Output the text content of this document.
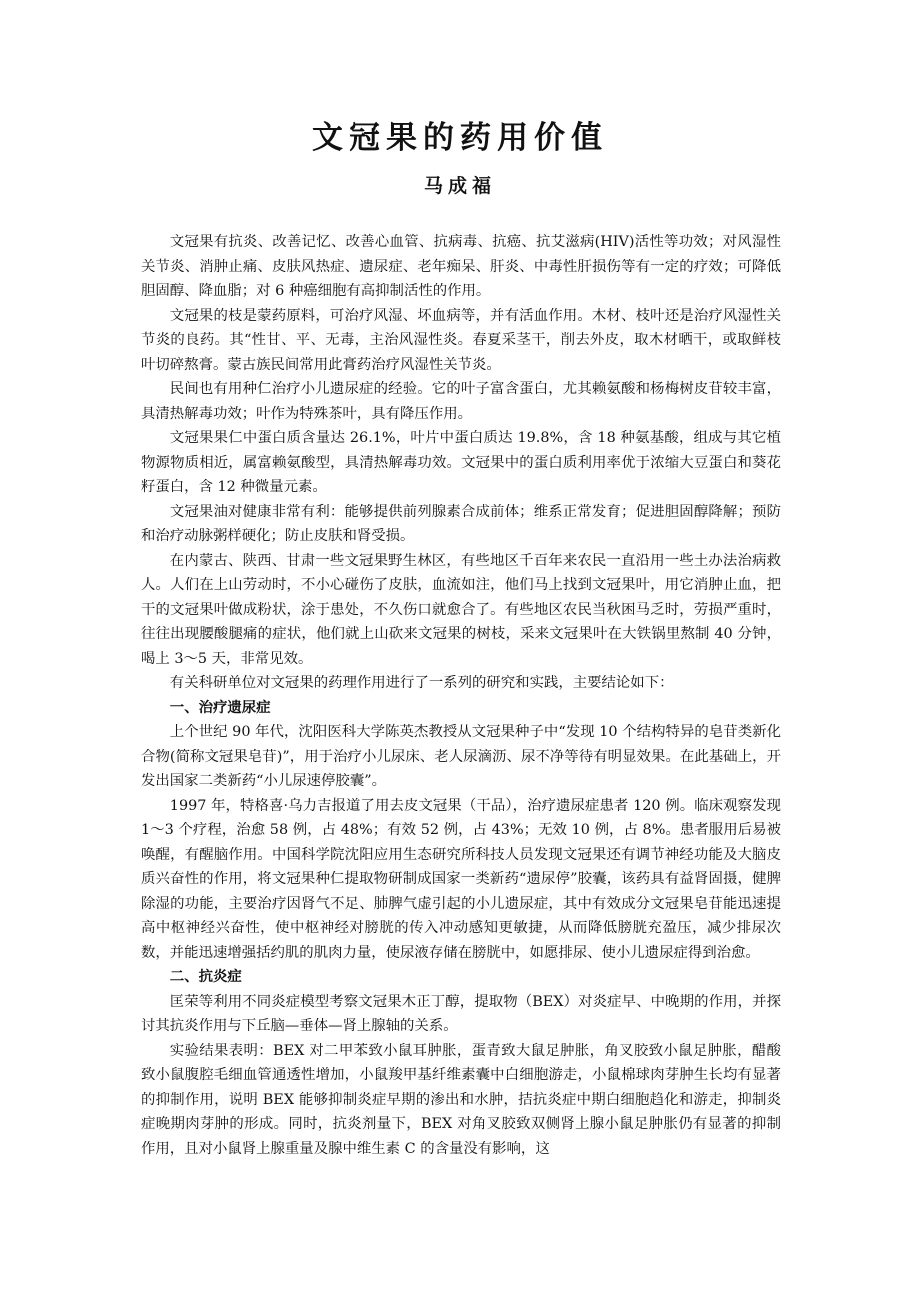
文冠果的药用价值
马成福

文冠果有抗炎、改善记忆、改善心血管、抗病毒、抗癌、抗艾滋病(HIV)活性等功效；对风湿性关节炎、消肿止痛、皮肤风热症、遗尿症、老年痴呆、肝炎、中毒性肝损伤等有一定的疗效；可降低胆固醇、降血脂；对 6 种癌细胞有高抑制活性的作用。

文冠果的枝是蒙药原料，可治疗风湿、坏血病等，并有活血作用。木材、枝叶还是治疗风湿性关节炎的良药。其“性甘、平、无毒，主治风湿性炎。春夏采茎干，削去外皮，取木材晒干，或取鲜枝叶切碎熬膏。蒙古族民间常用此膏药治疗风湿性关节炎。

民间也有用种仁治疗小儿遗尿症的经验。它的叶子富含蛋白，尤其赖氨酸和杨梅树皮苷较丰富，具清热解毒功效；叶作为特殊茶叶，具有降压作用。

文冠果果仁中蛋白质含量达 26.1%，叶片中蛋白质达 19.8%，含 18 种氨基酸，组成与其它植物源物质相近，属富赖氨酸型，具清热解毒功效。文冠果中的蛋白质利用率优于浓缩大豆蛋白和葵花籽蛋白，含 12 种微量元素。

文冠果油对健康非常有利：能够提供前列腺素合成前体；维系正常发育；促进胆固醇降解；预防和治疗动脉粥样硬化；防止皮肤和肾受损。

在内蒙古、陕西、甘肃一些文冠果野生林区，有些地区千百年来农民一直沿用一些土办法治病救人。人们在上山劳动时，不小心碰伤了皮肤，血流如注，他们马上找到文冠果叶，用它消肿止血，把干的文冠果叶做成粉状，涂于患处，不久伤口就愈合了。有些地区农民当秋困马乏时，劳损严重时，往往出现腰酸腿痛的症状，他们就上山砍来文冠果的树枝，采来文冠果叶在大铁锅里熬制 40 分钟，喝上 3～5 天，非常见效。

有关科研单位对文冠果的药理作用进行了一系列的研究和实践，主要结论如下：

一、治疗遗尿症

上个世纪 90 年代，沈阳医科大学陈英杰教授从文冠果种子中“发现 10 个结构特异的皂苷类新化合物(简称文冠果皂苷)”，用于治疗小儿尿床、老人尿滴沥、尿不净等待有明显效果。在此基础上，开发出国家二类新药“小儿尿速停胶囊”。

1997 年，特格喜·乌力吉报道了用去皮文冠果（干品），治疗遗尿症患者 120 例。临床观察发现 1～3 个疗程，治愈 58 例，占 48%；有效 52 例，占 43%；无效 10 例，占 8%。患者服用后易被唤醒，有醒脑作用。中国科学院沈阳应用生态研究所科技人员发现文冠果还有调节神经功能及大脑皮质兴奋性的作用，将文冠果种仁提取物研制成国家一类新药“遗尿停”胶囊，该药具有益肾固摄，健脾除湿的功能，主要治疗因肾气不足、肺脾气虚引起的小儿遗尿症，其中有效成分文冠果皂苷能迅速提高中枢神经兴奋性，使中枢神经对膀胱的传入冲动感知更敏捷，从而降低膀胱充盈压，减少排尿次数，并能迅速增强括约肌的肌肉力量，使尿液存储在膀胱中，如愿排尿、使小儿遗尿症得到治愈。

二、抗炎症

匡荣等利用不同炎症模型考察文冠果木正丁醇，提取物（BEX）对炎症早、中晚期的作用，并探讨其抗炎作用与下丘脑—垂体—肾上腺轴的关系。

实验结果表明：BEX 对二甲苯致小鼠耳肿胀，蛋青致大鼠足肿胀，角叉胶致小鼠足肿胀，醋酸致小鼠腹腔毛细血管通透性增加，小鼠羧甲基纤维素囊中白细胞游走，小鼠棉球肉芽肿生长均有显著的抑制作用，说明 BEX 能够抑制炎症早期的渗出和水肿，拮抗炎症中期白细胞趋化和游走，抑制炎症晚期肉芽肿的形成。同时，抗炎剂量下，BEX 对角叉胶致双侧肾上腺小鼠足肿胀仍有显著的抑制作用，且对小鼠肾上腺重量及腺中维生素 C 的含量没有影响，这
